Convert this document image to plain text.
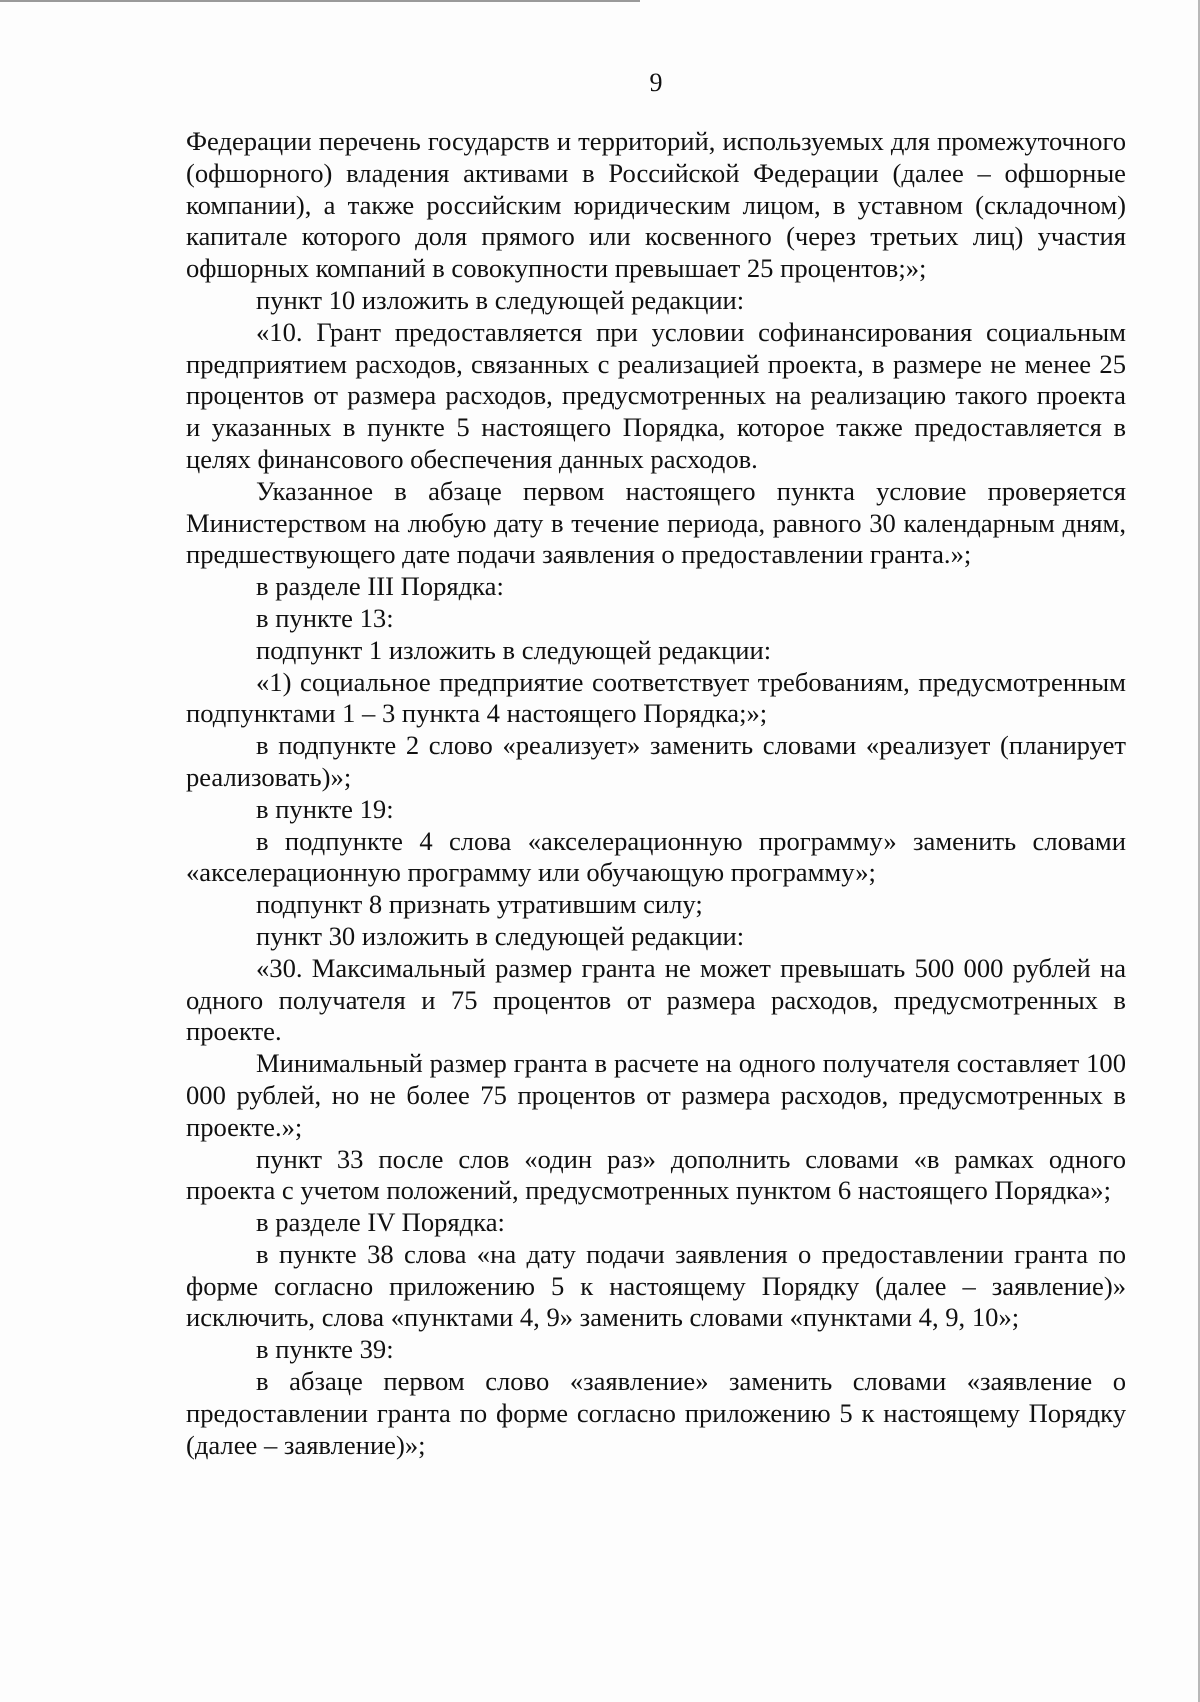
9

Федерации перечень государств и территорий, используемых для промежуточного (офшорного) владения активами в Российской Федерации (далее – офшорные компании), а также российским юридическим лицом, в уставном (складочном) капитале которого доля прямого или косвенного (через третьих лиц) участия офшорных компаний в совокупности превышает 25 процентов;»;

пункт 10 изложить в следующей редакции:

«10. Грант предоставляется при условии софинансирования социальным предприятием расходов, связанных с реализацией проекта, в размере не менее 25 процентов от размера расходов, предусмотренных на реализацию такого проекта и указанных в пункте 5 настоящего Порядка, которое также предоставляется в целях финансового обеспечения данных расходов.

Указанное в абзаце первом настоящего пункта условие проверяется Министерством на любую дату в течение периода, равного 30 календарным дням, предшествующего дате подачи заявления о предоставлении гранта.»;

в разделе III Порядка:

в пункте 13:

подпункт 1 изложить в следующей редакции:

«1) социальное предприятие соответствует требованиям, предусмотренным подпунктами 1 – 3 пункта 4 настоящего Порядка;»;

в подпункте 2 слово «реализует» заменить словами «реализует (планирует реализовать)»;

в пункте 19:

в подпункте 4 слова «акселерационную программу» заменить словами «акселерационную программу или обучающую программу»;

подпункт 8 признать утратившим силу;

пункт 30 изложить в следующей редакции:

«30. Максимальный размер гранта не может превышать 500 000 рублей на одного получателя и 75 процентов от размера расходов, предусмотренных в проекте.

Минимальный размер гранта в расчете на одного получателя составляет 100 000 рублей, но не более 75 процентов от размера расходов, предусмотренных в проекте.»;

пункт 33 после слов «один раз» дополнить словами «в рамках одного проекта с учетом положений, предусмотренных пунктом 6 настоящего Порядка»;

в разделе IV Порядка:

в пункте 38 слова «на дату подачи заявления о предоставлении гранта по форме согласно приложению 5 к настоящему Порядку (далее – заявление)» исключить, слова «пунктами 4, 9» заменить словами «пунктами 4, 9, 10»;

в пункте 39:

в абзаце первом слово «заявление» заменить словами «заявление о предоставлении гранта по форме согласно приложению 5 к настоящему Порядку (далее – заявление)»;
